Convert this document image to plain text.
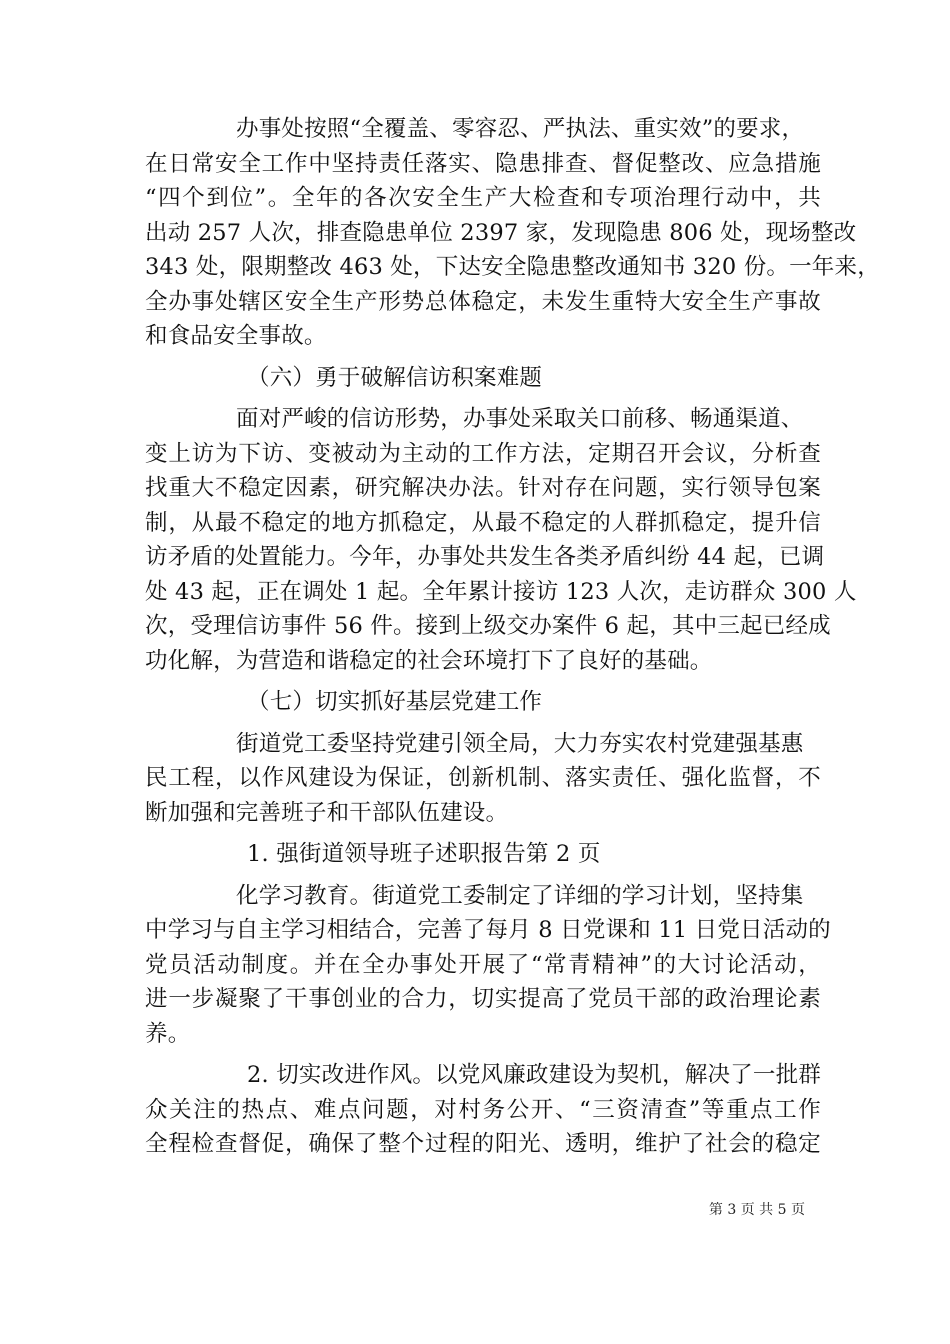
办事处按照“全覆盖、零容忍、严执法、重实效”的要求，
在日常安全工作中坚持责任落实、隐患排查、督促整改、应急措施
“四个到位”。全年的各次安全生产大检查和专项治理行动中，共
出动 257 人次，排查隐患单位 2397 家，发现隐患 806 处，现场整改
343 处，限期整改 463 处，下达安全隐患整改通知书 320 份。一年来，
全办事处辖区安全生产形势总体稳定，未发生重特大安全生产事故
和食品安全事故。
（六）勇于破解信访积案难题
面对严峻的信访形势，办事处采取关口前移、畅通渠道、
变上访为下访、变被动为主动的工作方法，定期召开会议，分析查
找重大不稳定因素，研究解决办法。针对存在问题，实行领导包案
制，从最不稳定的地方抓稳定，从最不稳定的人群抓稳定，提升信
访矛盾的处置能力。今年，办事处共发生各类矛盾纠纷 44 起，已调
处 43 起，正在调处 1 起。全年累计接访 123 人次，走访群众 300 人
次，受理信访事件 56 件。接到上级交办案件 6 起，其中三起已经成
功化解，为营造和谐稳定的社会环境打下了良好的基础。
（七）切实抓好基层党建工作
街道党工委坚持党建引领全局，大力夯实农村党建强基惠
民工程，以作风建设为保证，创新机制、落实责任、强化监督，不
断加强和完善班子和干部队伍建设。
1. 强街道领导班子述职报告第 2 页
化学习教育。街道党工委制定了详细的学习计划，坚持集
中学习与自主学习相结合，完善了每月 8 日党课和 11 日党日活动的
党员活动制度。并在全办事处开展了“常青精神”的大讨论活动，
进一步凝聚了干事创业的合力，切实提高了党员干部的政治理论素
养。
2. 切实改进作风。以党风廉政建设为契机，解决了一批群
众关注的热点、难点问题，对村务公开、“三资清查”等重点工作
全程检查督促，确保了整个过程的阳光、透明，维护了社会的稳定
第 3 页 共 5 页
